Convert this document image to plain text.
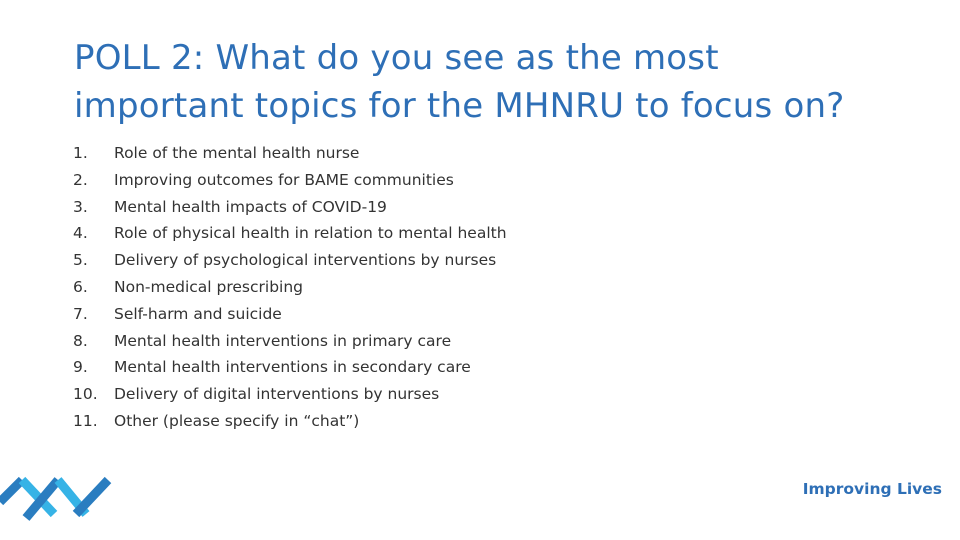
POLL 2: What do you see as the most
important topics for the MHNRU to focus on?
1.	Role of the mental health nurse
2.	Improving outcomes for BAME communities
3.	Mental health impacts of COVID-19
4.	Role of physical health in relation to mental health
5.	Delivery of psychological interventions by nurses
6.	Non-medical prescribing
7.	Self-harm and suicide
8.	Mental health interventions in primary care
9.	Mental health interventions in secondary care
10.	Delivery of digital interventions by nurses
11.	Other (please specify in “chat”)
Improving Lives
